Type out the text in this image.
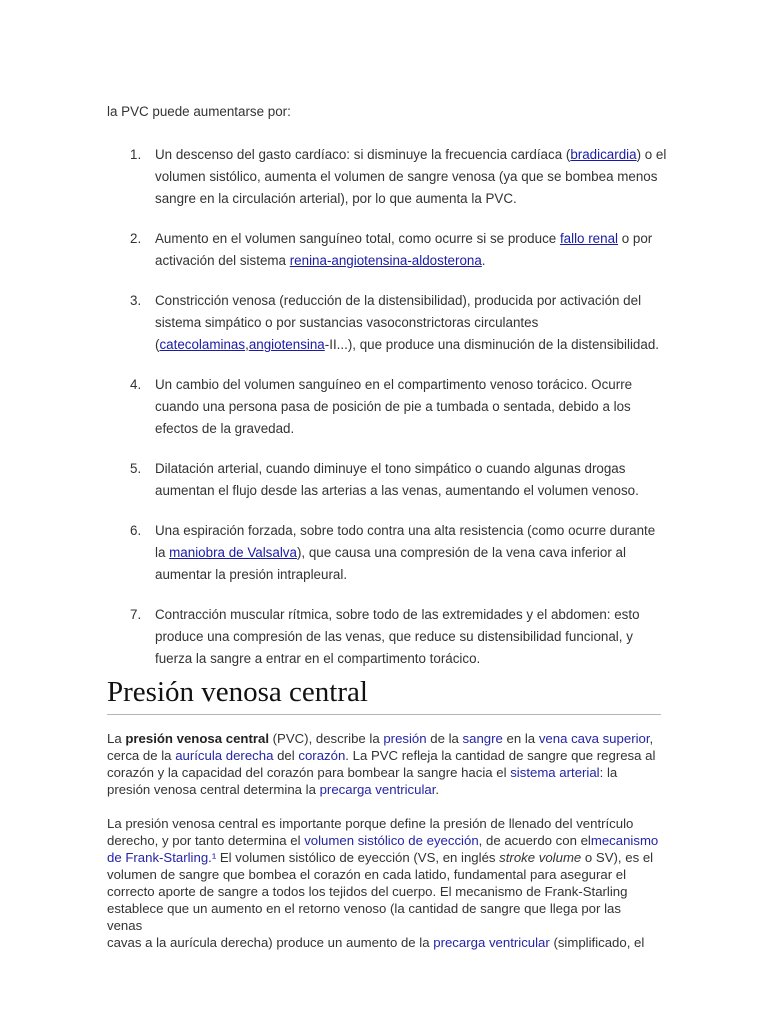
la PVC puede aumentarse por:

1. Un descenso del gasto cardíaco: si disminuye la frecuencia cardíaca (bradicardia) o el
volumen sistólico, aumenta el volumen de sangre venosa (ya que se bombea menos
sangre en la circulación arterial), por lo que aumenta la PVC.
2. Aumento en el volumen sanguíneo total, como ocurre si se produce fallo renal o por
activación del sistema renina-angiotensina-aldosterona.
3. Constricción venosa (reducción de la distensibilidad), producida por activación del
sistema simpático o por sustancias vasoconstrictoras circulantes
(catecolaminas,angiotensina-II...), que produce una disminución de la distensibilidad.
4. Un cambio del volumen sanguíneo en el compartimento venoso torácico. Ocurre
cuando una persona pasa de posición de pie a tumbada o sentada, debido a los
efectos de la gravedad.
5. Dilatación arterial, cuando diminuye el tono simpático o cuando algunas drogas
aumentan el flujo desde las arterias a las venas, aumentando el volumen venoso.
6. Una espiración forzada, sobre todo contra una alta resistencia (como ocurre durante
la maniobra de Valsalva), que causa una compresión de la vena cava inferior al
aumentar la presión intrapleural.
7. Contracción muscular rítmica, sobre todo de las extremidades y el abdomen: esto
produce una compresión de las venas, que reduce su distensibilidad funcional, y
fuerza la sangre a entrar en el compartimento torácico.
Presión venosa central

La presión venosa central (PVC), describe la presión de la sangre en la vena cava superior,
cerca de la aurícula derecha del corazón. La PVC refleja la cantidad de sangre que regresa al
corazón y la capacidad del corazón para bombear la sangre hacia el sistema arterial: la
presión venosa central determina la precarga ventricular.

La presión venosa central es importante porque define la presión de llenado del ventrículo
derecho, y por tanto determina el volumen sistólico de eyección, de acuerdo con elmecanismo
de Frank-Starling.¹ El volumen sistólico de eyección (VS, en inglés stroke volume o SV), es el
volumen de sangre que bombea el corazón en cada latido, fundamental para asegurar el
correcto aporte de sangre a todos los tejidos del cuerpo. El mecanismo de Frank-Starling
establece que un aumento en el retorno venoso (la cantidad de sangre que llega por las venas
cavas a la aurícula derecha) produce un aumento de la precarga ventricular (simplificado, el
